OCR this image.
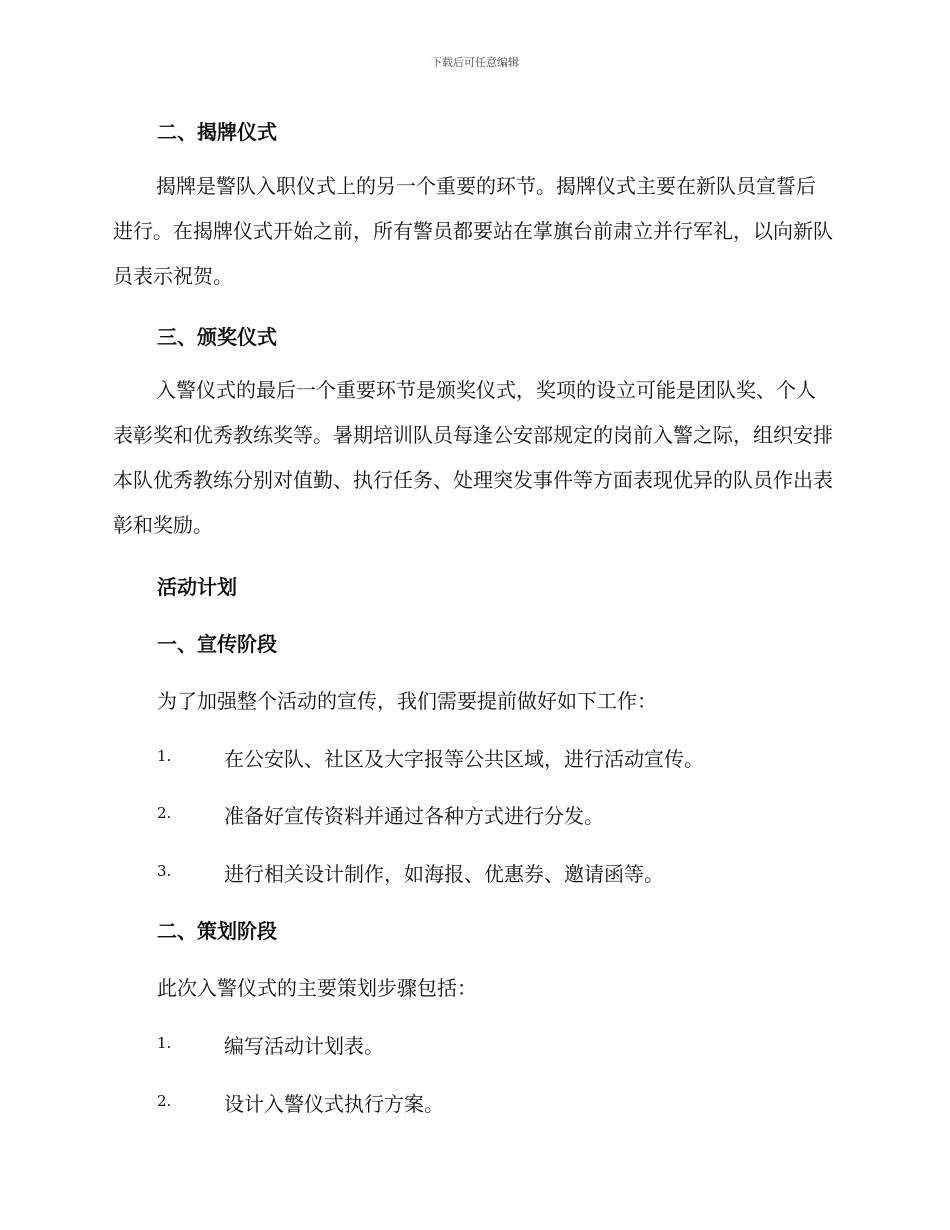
下载后可任意编辑
二、揭牌仪式
揭牌是警队入职仪式上的另一个重要的环节。揭牌仪式主要在新队员宣誓后进行。在揭牌仪式开始之前，所有警员都要站在掌旗台前肃立并行军礼，以向新队员表示祝贺。
三、颁奖仪式
入警仪式的最后一个重要环节是颁奖仪式，奖项的设立可能是团队奖、个人表彰奖和优秀教练奖等。暑期培训队员每逢公安部规定的岗前入警之际，组织安排本队优秀教练分别对值勤、执行任务、处理突发事件等方面表现优异的队员作出表彰和奖励。
活动计划
一、宣传阶段
为了加强整个活动的宣传，我们需要提前做好如下工作：
1.	在公安队、社区及大字报等公共区域，进行活动宣传。
2.	准备好宣传资料并通过各种方式进行分发。
3.	进行相关设计制作，如海报、优惠券、邀请函等。
二、策划阶段
此次入警仪式的主要策划步骤包括：
1.	编写活动计划表。
2.	设计入警仪式执行方案。
